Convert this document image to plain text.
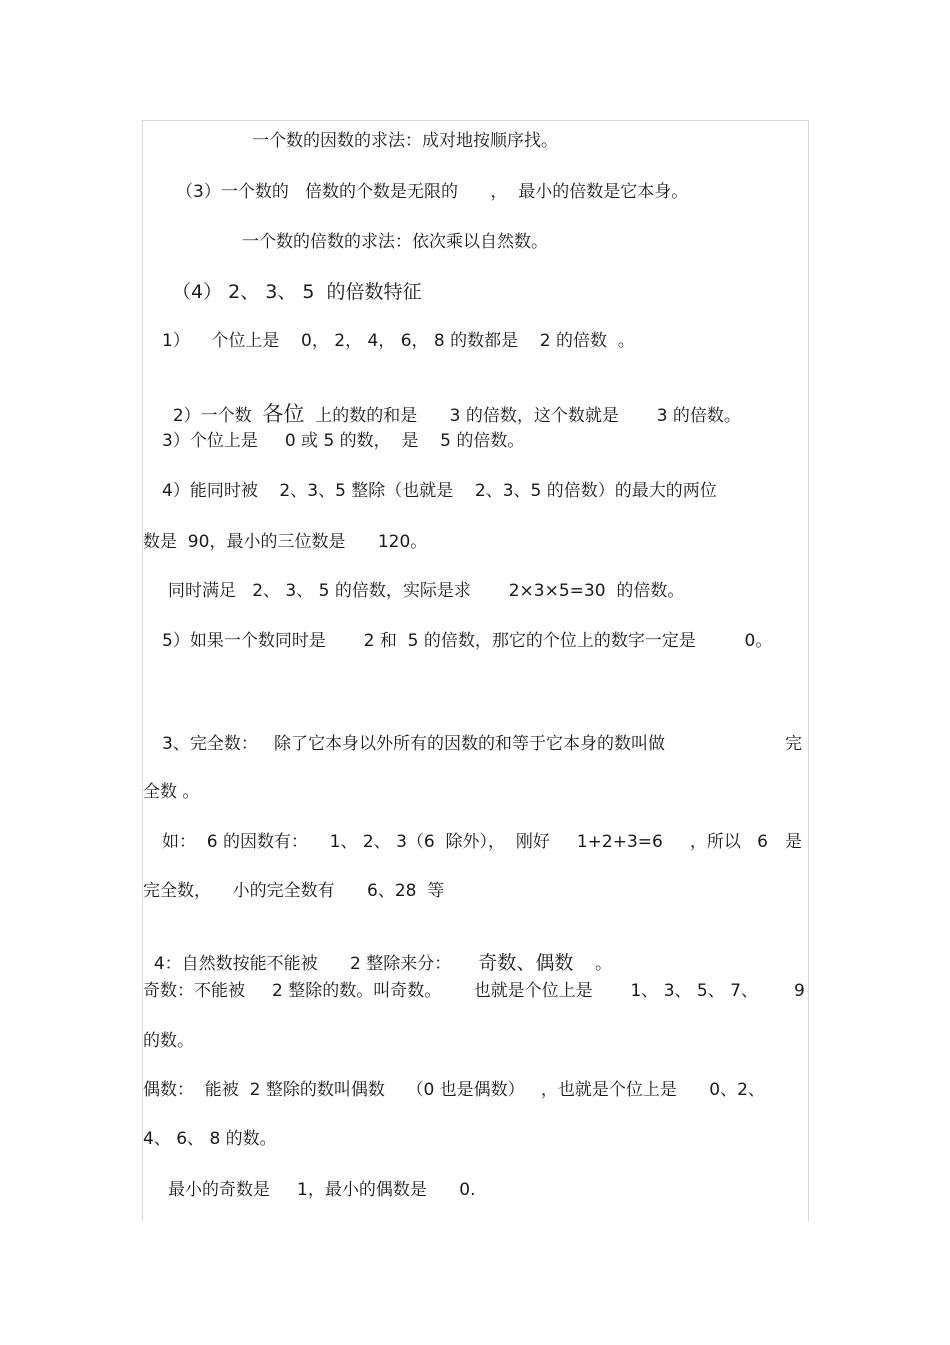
一个数的因数的求法：成对地按顺序找。
（3）一个数的   倍数的个数是无限的      ，  最小的倍数是它本身。
一个数的倍数的求法：依次乘以自然数。
（4） 2、 3、 5  的倍数特征
1）    个位上是    0， 2， 4， 6， 8 的数都是    2 的倍数  。

2）一个数  各位  上的数的和是      3 的倍数，这个数就是       3 的倍数。

3）个位上是     0 或 5 的数，  是    5 的倍数。
4）能同时被    2、3、5 整除（也就是    2、3、5 的倍数）的最大的两位
数是  90，最小的三位数是      120。
同时满足   2、 3、 5 的倍数，实际是求       2×3×5=30  的倍数。
5）如果一个数同时是       2 和  5 的倍数，那它的个位上的数字一定是         0。
3、完全数：   除了它本身以外所有的因数的和等于它本身的数叫做	完
全数 。
如：  6 的因数有：    1、 2、 3（6  除外），  刚好     1+2+3=6     ，所以   6 是
完全数，    小的完全数有      6、28  等

4：自然数按能不能被      2 整除来分： 奇数、偶数 。

奇数：不能被     2 整除的数。叫奇数。      也就是个位上是       1、 3、 5、 7、 9
的数。
偶数：  能被  2 整除的数叫偶数    （0 也是偶数）   ，也就是个位上是      0、2、
4、 6、 8 的数。
最小的奇数是     1，最小的偶数是      0.
